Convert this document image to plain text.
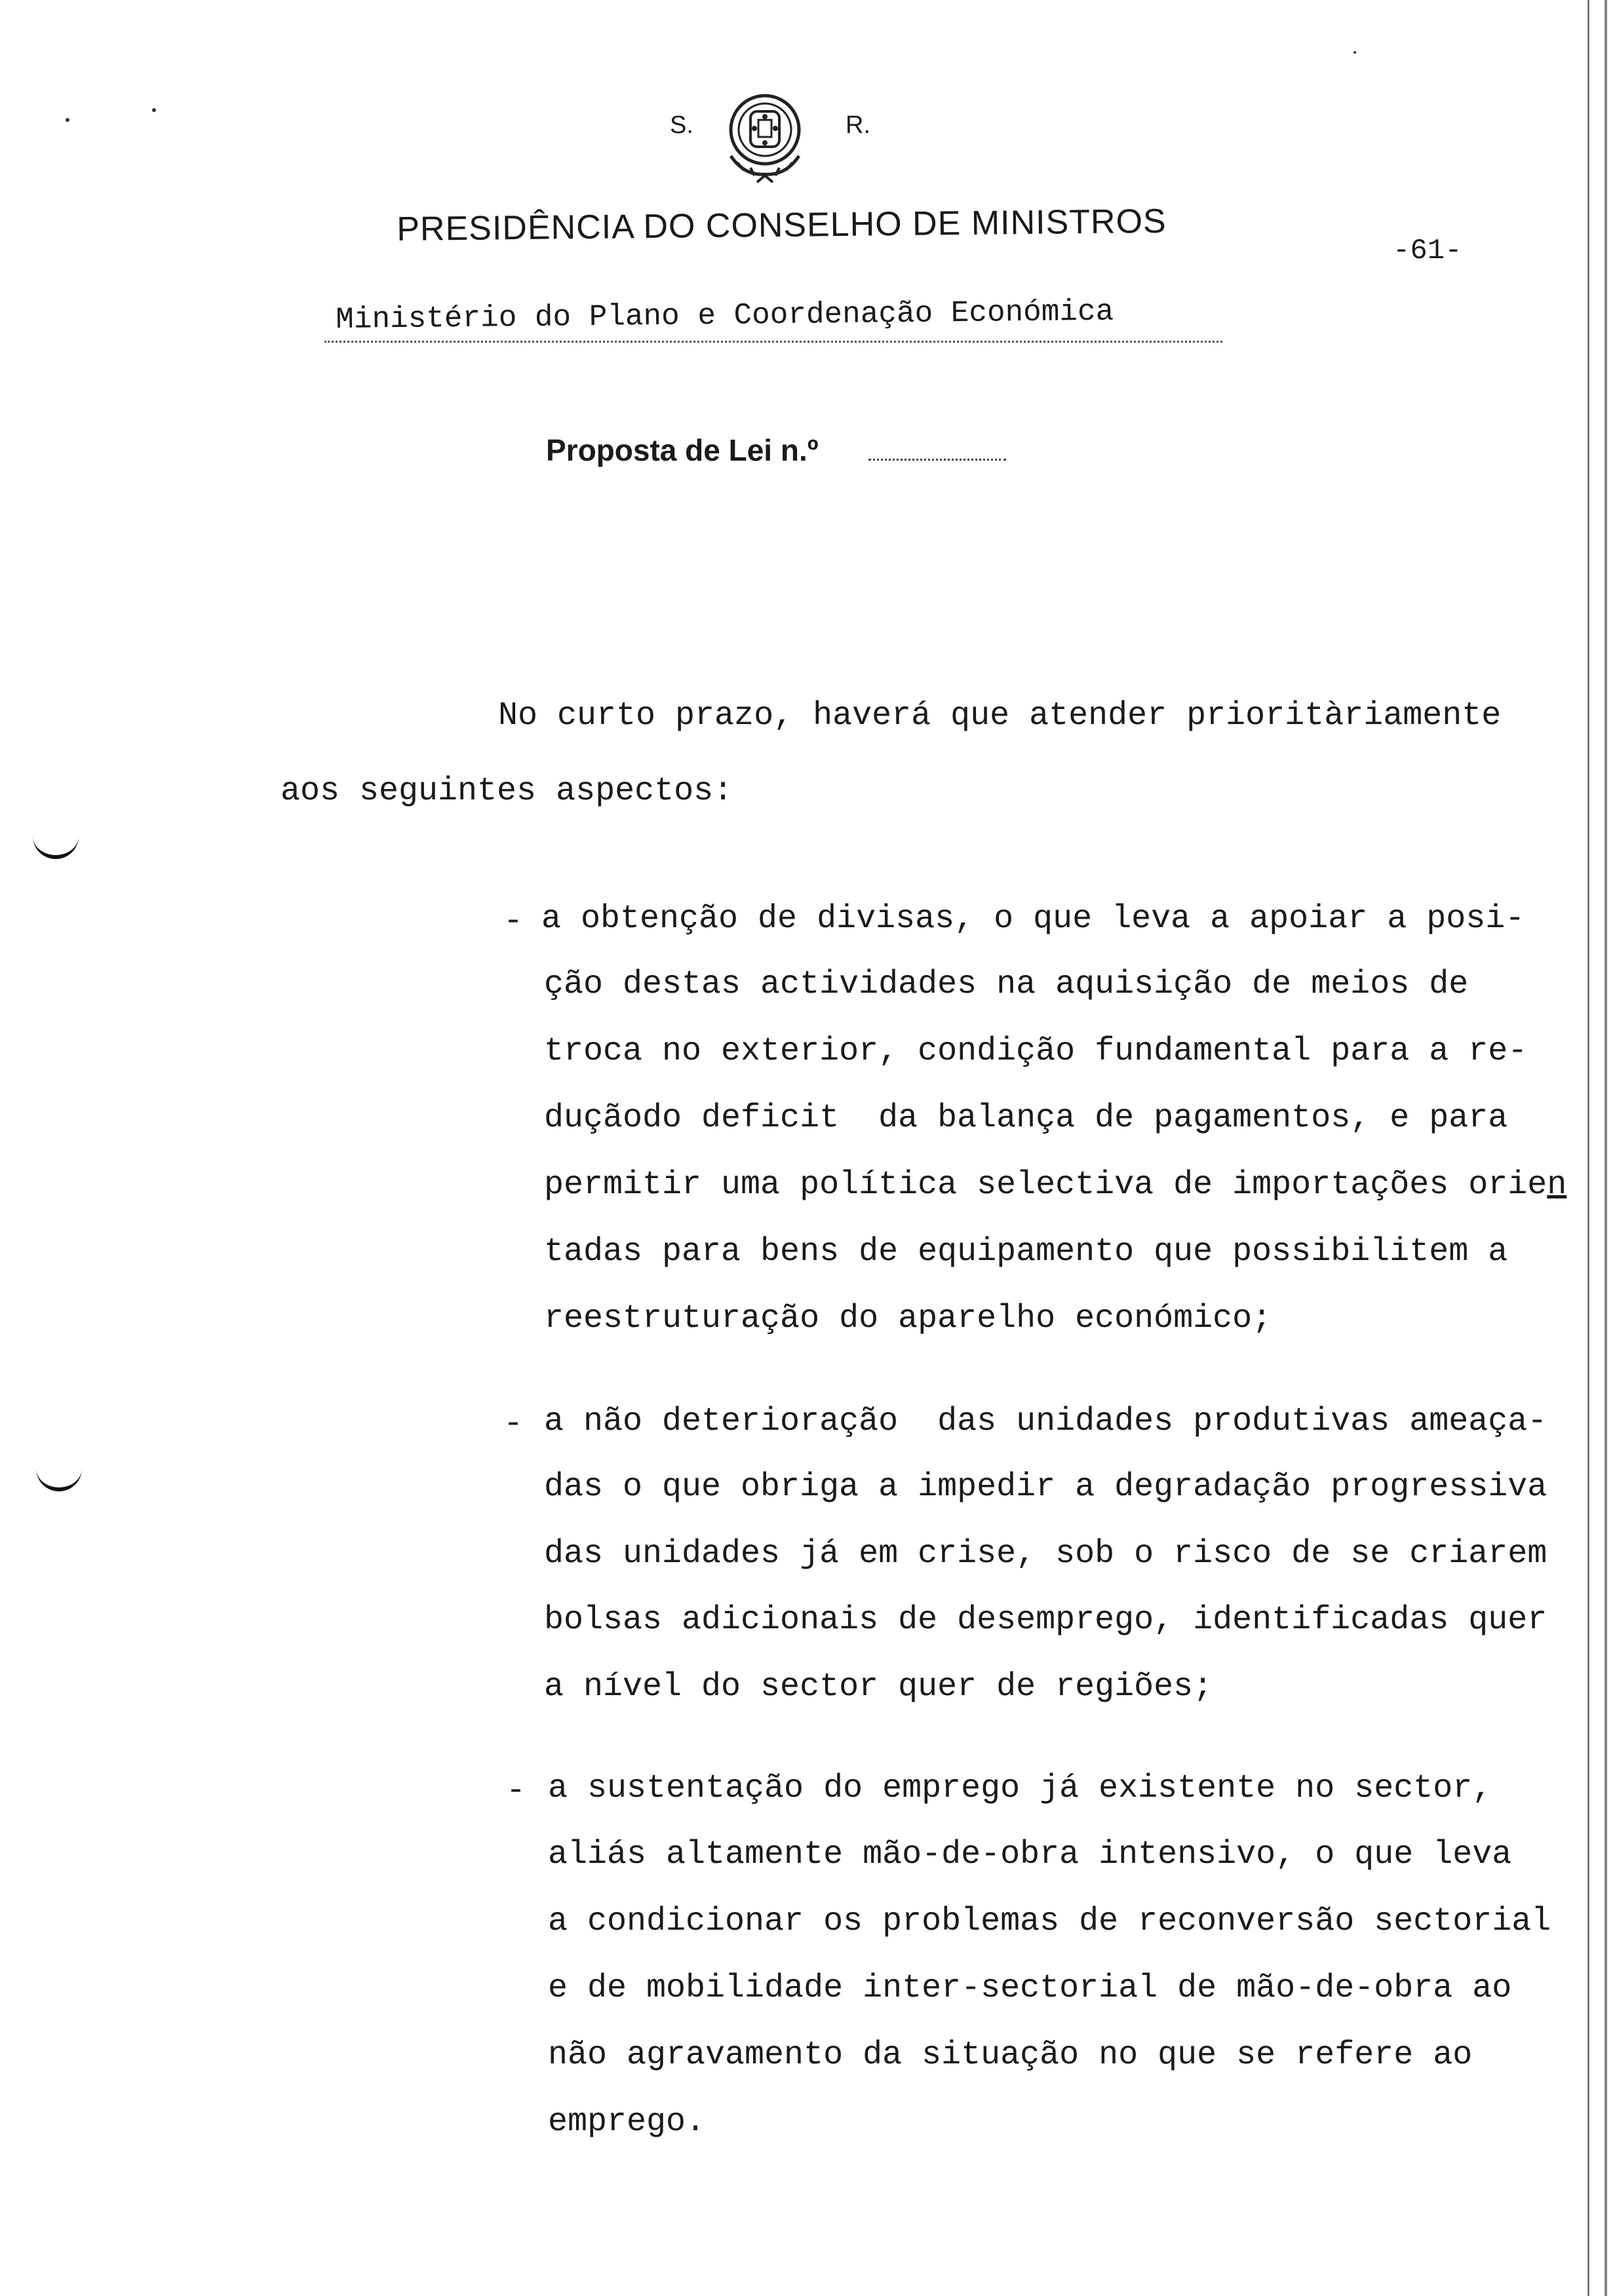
S.	R.
PRESIDÊNCIA DO CONSELHO DE MINISTROS
-61-
Ministério do Plano e Coordenação Económica
Proposta de Lei n.º
No curto prazo, haverá que atender prioritàriamente
aos seguintes aspectos:
- a obtenção de divisas, o que leva a apoiar a posi-
ção destas actividades na aquisição de meios de
troca no exterior, condição fundamental para a re-
duçãodo deficit  da balança de pagamentos, e para
permitir uma política selectiva de importações orien
tadas para bens de equipamento que possibilitem a
reestruturação do aparelho económico;
- a não deterioração  das unidades produtivas ameaça-
das o que obriga a impedir a degradação progressiva
das unidades já em crise, sob o risco de se criarem
bolsas adicionais de desemprego, identificadas quer
a nível do sector quer de regiões;
- a sustentação do emprego já existente no sector,
aliás altamente mão-de-obra intensivo, o que leva
a condicionar os problemas de reconversão sectorial
e de mobilidade inter-sectorial de mão-de-obra ao
não agravamento da situação no que se refere ao
emprego.
